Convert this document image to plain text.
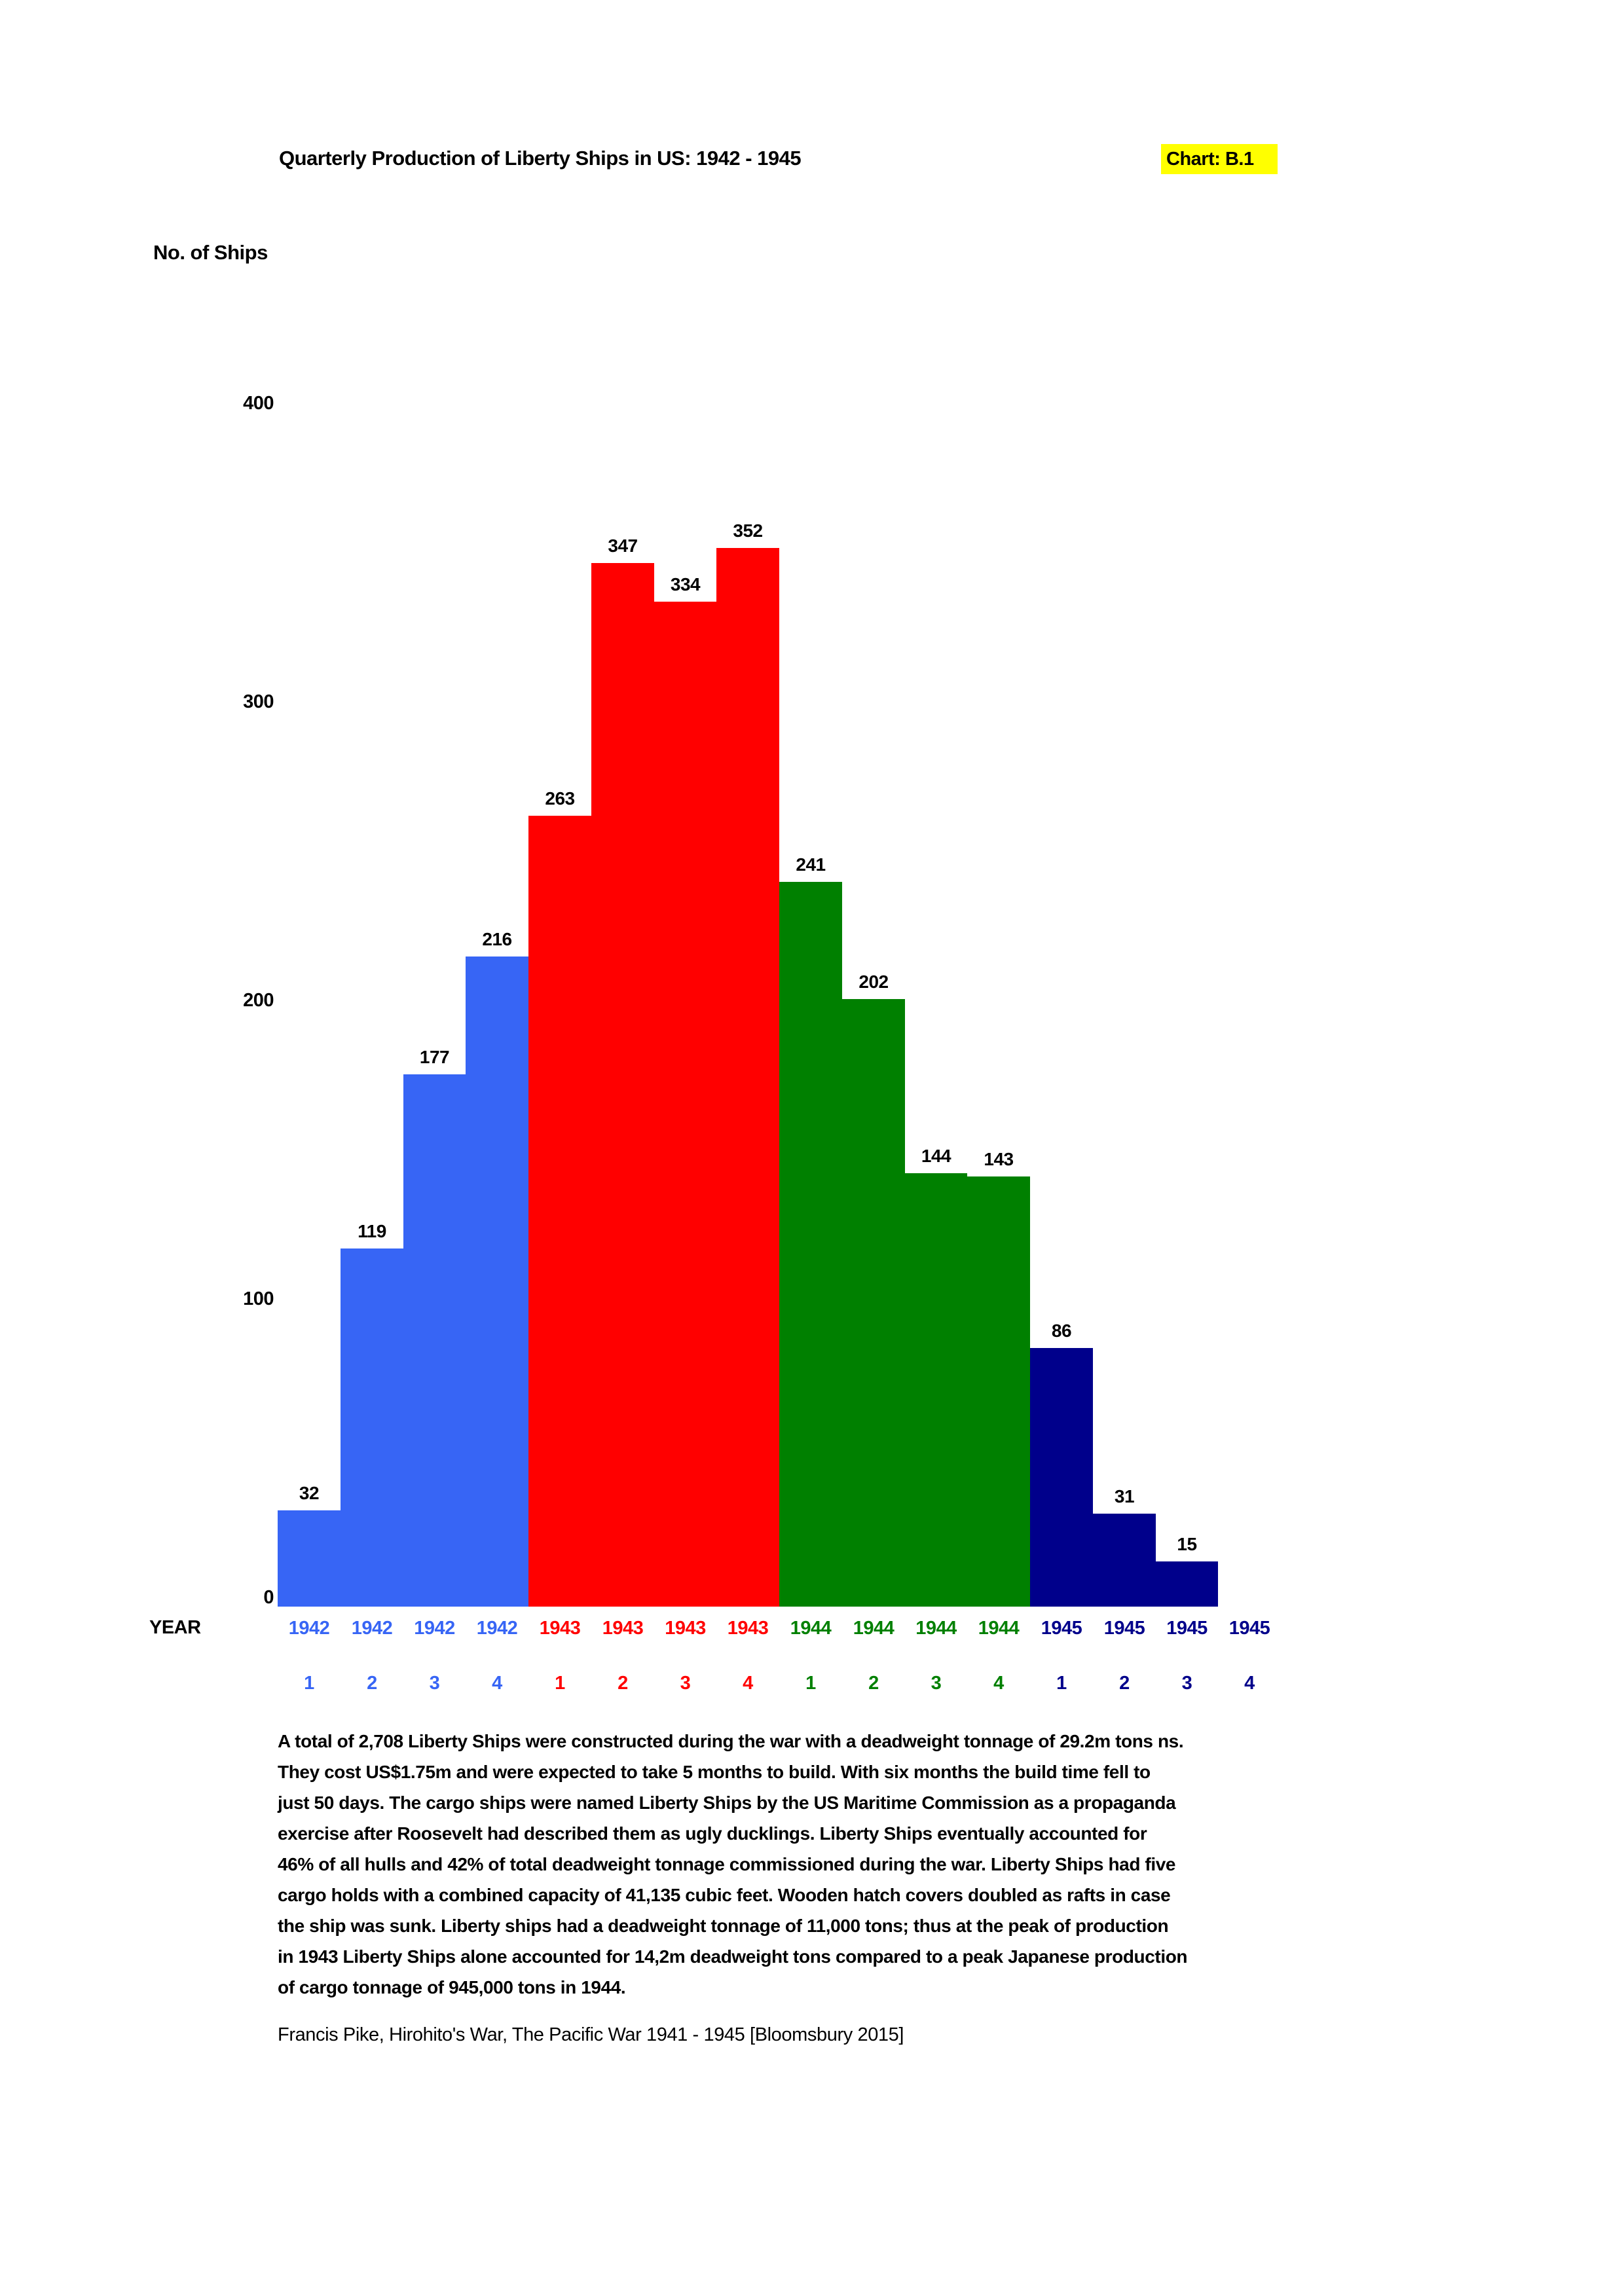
Quarterly Production of Liberty Ships in US: 1942 - 1945	Chart: B.1
No. of Ships
0
100
200
300
400
32
119
177
216
263
347
334
352
241
202
144	143
86
31
15
YEAR	1942	1942	1942	1942	1943	1943	1943	1943	1944	1944	1944	1944	1945	1945	1945	1945
1	2	3	4	1	2	3	4	1	2	3	4	1	2	3	4
A total of 2,708 Liberty Ships were constructed during the war with a deadweight tonnage of 29.2m tons ns.
They cost US$1.75m and were expected to take 5 months to build. With six months the build time fell to
just 50 days. The cargo ships were named Liberty Ships by the US Maritime Commission as a propaganda
exercise after Roosevelt had described them as ugly ducklings. Liberty Ships eventually accounted for
46% of all hulls and 42% of total deadweight tonnage commissioned during the war. Liberty Ships had five
cargo holds with a combined capacity of 41,135 cubic feet. Wooden hatch covers doubled as rafts in case
the ship was sunk. Liberty ships had a deadweight tonnage of 11,000 tons; thus at the peak of production
in 1943 Liberty Ships alone accounted for 14,2m deadweight tons compared to a peak Japanese production
of cargo tonnage of 945,000 tons in 1944.
Francis Pike, Hirohito's War, The Pacific War 1941 - 1945 [Bloomsbury 2015]
